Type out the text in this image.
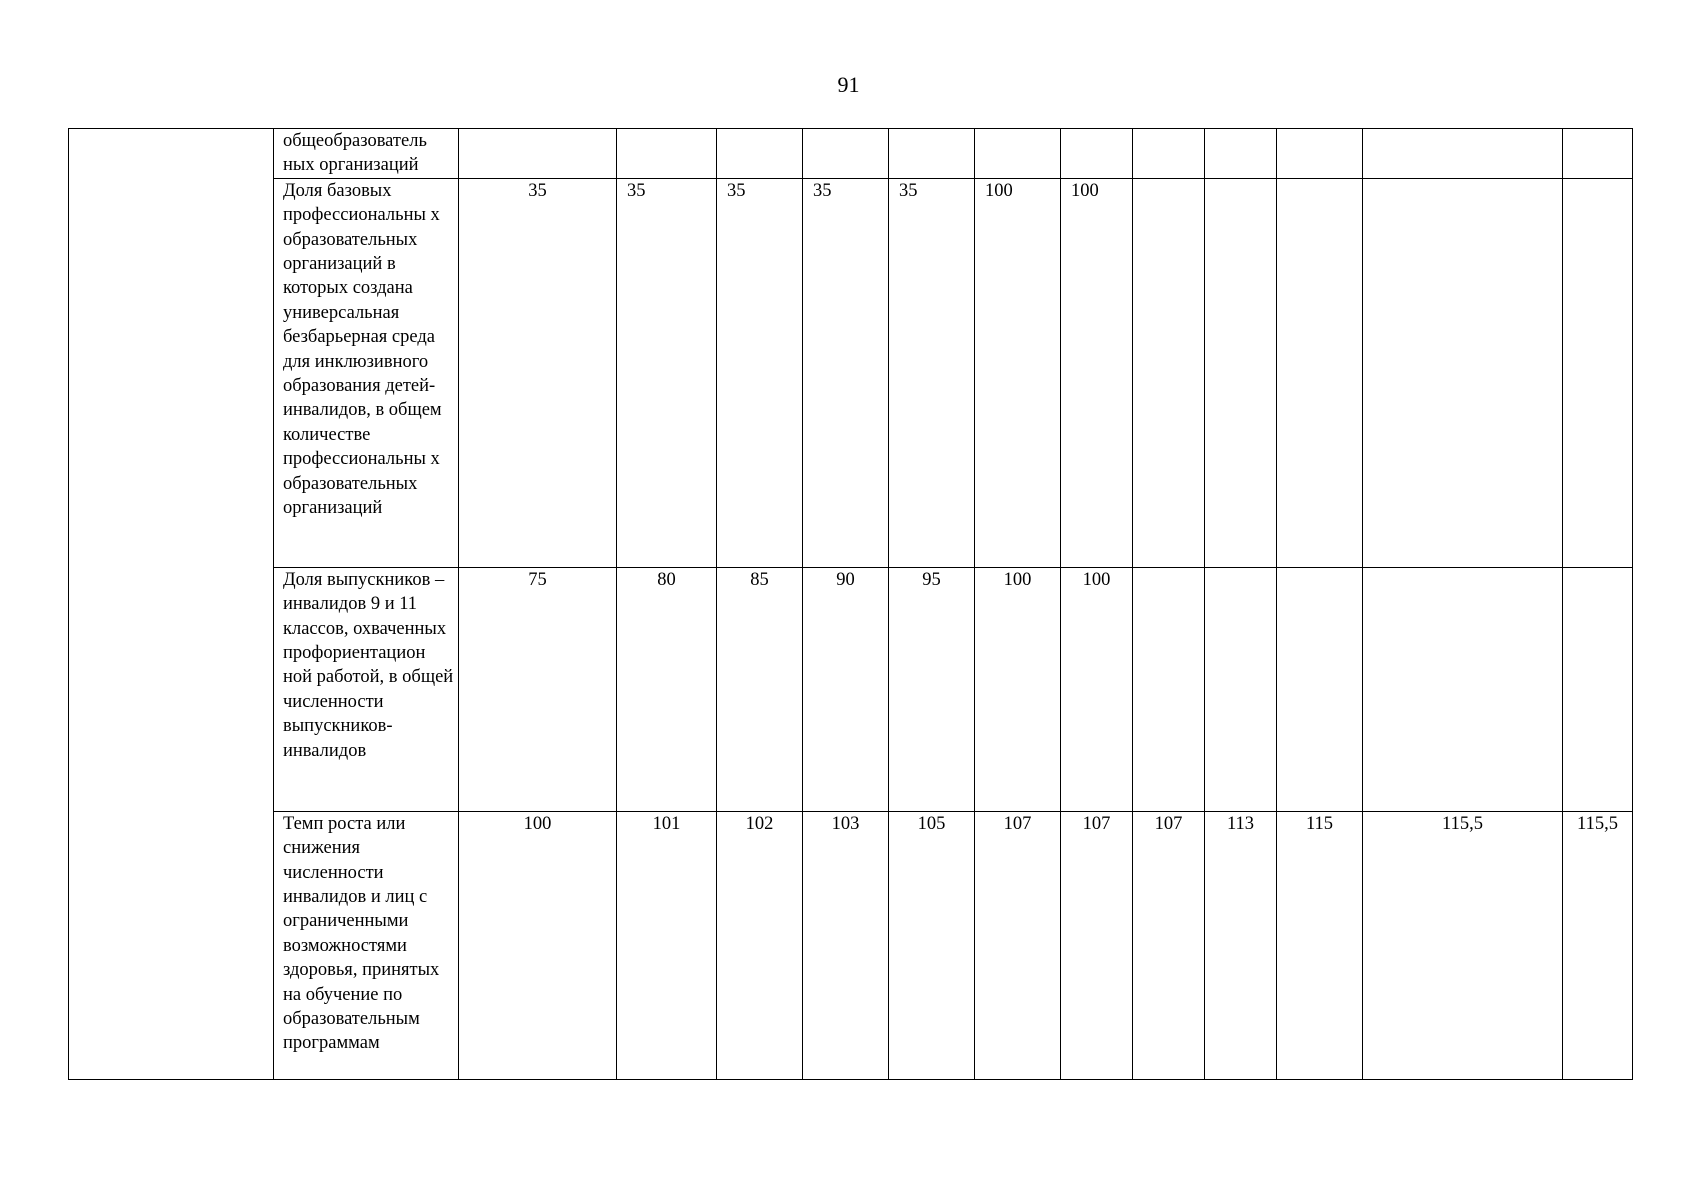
91

	общеобразователь
ных организаций												

	Доля базовых профессиональны х образовательных организаций в которых создана универсальная безбарьерная среда для инклюзивного образования детей-инвалидов, в общем количестве профессиональны х образовательных организаций	35	35	35	35	35	100	100					
	Доля выпускников – инвалидов 9 и 11 классов, охваченных профориентацион ной работой, в общей численности выпускников-инвалидов	75	80	85	90	95	100	100					
	Темп роста или снижения численности инвалидов и лиц с ограниченными возможностями здоровья, принятых на обучение по образовательным программам	100	101	102	103	105	107	107	107	113	115	115,5	115,5
